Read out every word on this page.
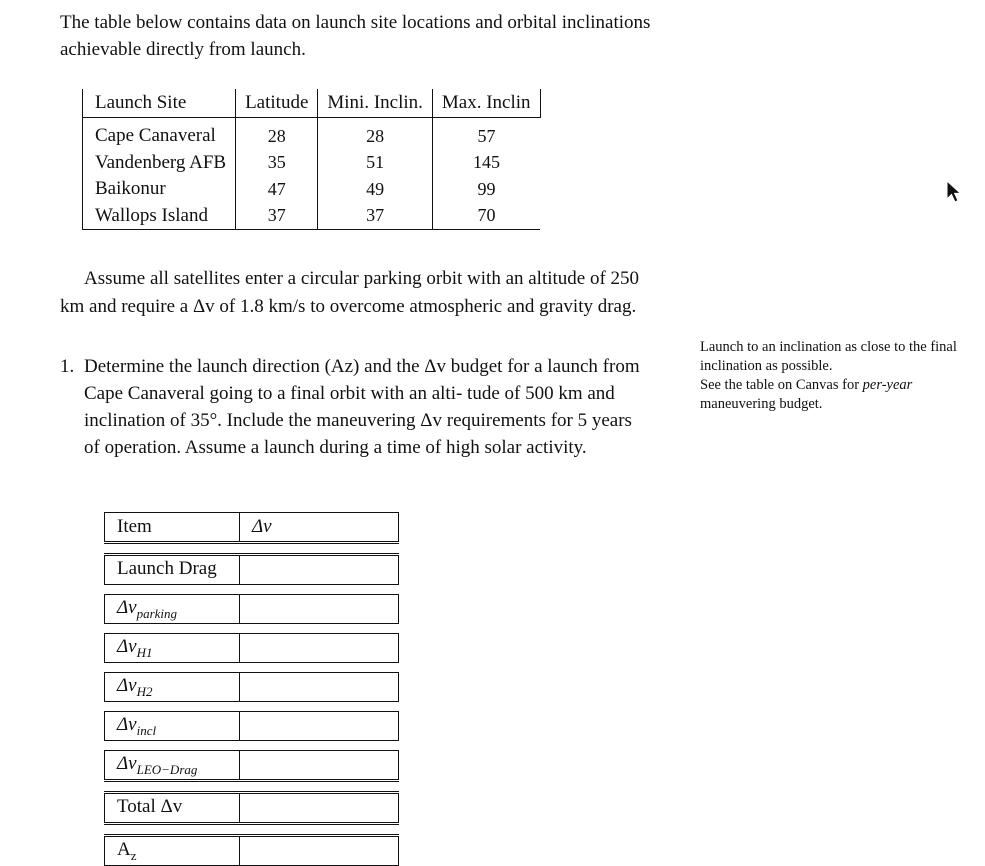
The table below contains data on launch site locations and orbital inclinations achievable directly from launch.

Launch Site	Latitude	Mini. Inclin.	Max. Inclin
Cape Canaveral	28	28	57
Vandenberg AFB	35	51	145
Baikonur	47	49	99
Wallops Island	37	37	70

Assume all satellites enter a circular parking orbit with an altitude of 250 km and require a Δv of 1.8 km/s to overcome atmospheric and gravity drag.

1. Determine the launch direction (Az) and the Δv budget for a launch from Cape Canaveral going to a final orbit with an alti- tude of 500 km and inclination of 35°. Include the maneuvering Δv requirements for 5 years of operation. Assume a launch during a time of high solar activity.

Launch to an inclination as close to the final inclination as possible.
See the table on Canvas for per-year maneuvering budget.
Item	Δv

Launch Drag	

$\Delta v_{parking}$	

$\Delta v_{H1}$	

$\Delta v_{H2}$	

$\Delta v_{incl}$	

$\Delta v_{LEO-Drag}$	

Total Δv	

$A_z$	
